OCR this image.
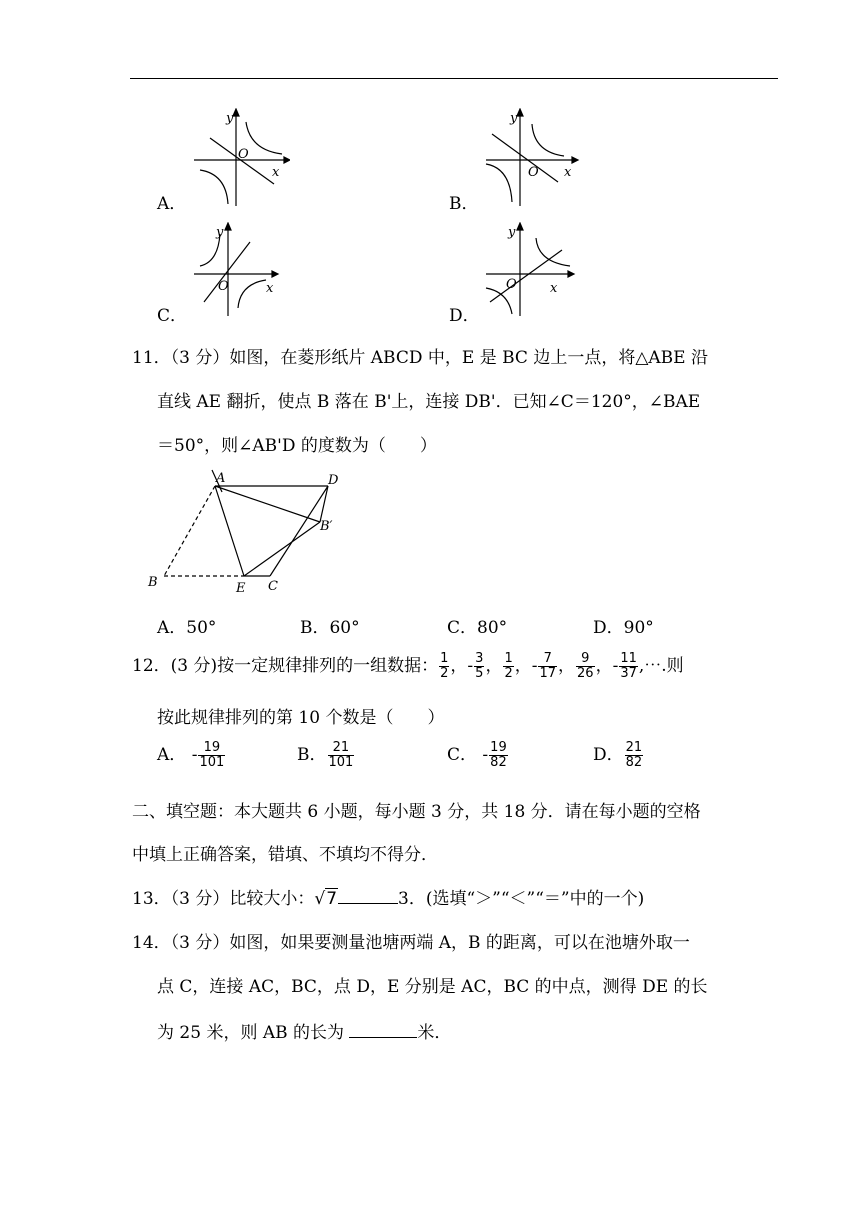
A．
y
x
O
B．
y
x
O
C．
y
x
O
D．
y
x
O
11．（3 分）如图，在菱形纸片 ABCD 中，E 是 BC 边上一点，将△ABE 沿
直线 AE 翻折，使点 B 落在 B'上，连接 DB'．已知∠C＝120°，∠BAE
＝50°，则∠AB'D 的度数为（　　）
A	D
B′
B	E C
A．50°	B．60°	C．80°	D．90°
12．(3 分)按一定规律排列的一组数据： $\frac{1}{2}$ ，- $\frac{3}{5}$ ， $\frac{1}{2}$ ，- $\frac{7}{17}$ ， $\frac{9}{26}$ ，- $\frac{11}{37}$ ,⋯.则
按此规律排列的第 10 个数是（　　）
A． - $\frac{19}{101}$	B． $\frac{21}{101}$	C． - $\frac{19}{82}$	D． $\frac{21}{82}$
二、填空题：本大题共 6 小题，每小题 3 分，共 18 分．请在每小题的空格
中填上正确答案，错填、不填均不得分．
13．（3 分）比较大小：√7	3．(选填“＞”“＜”“＝”中的一个)
14．（3 分）如图，如果要测量池塘两端 A，B 的距离，可以在池塘外取一
点 C，连接 AC，BC，点 D，E 分别是 AC，BC 的中点，测得 DE 的长
为 25 米，则 AB 的长为	米．
